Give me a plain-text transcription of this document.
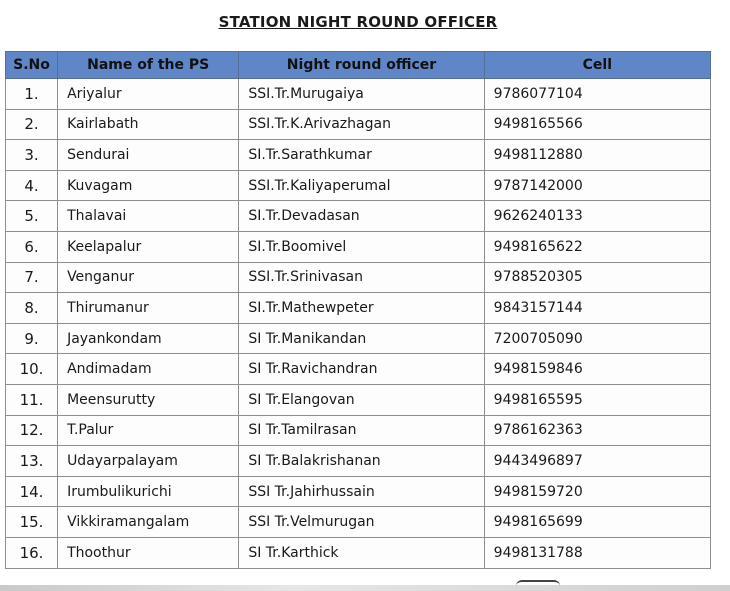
STATION NIGHT ROUND OFFICER
S.No	Name of the PS	Night round officer	Cell
1.	Ariyalur	SSI.Tr.Murugaiya	9786077104
2.	Kairlabath	SSI.Tr.K.Arivazhagan	9498165566
3.	Sendurai	SI.Tr.Sarathkumar	9498112880
4.	Kuvagam	SSI.Tr.Kaliyaperumal	9787142000
5.	Thalavai	SI.Tr.Devadasan	9626240133
6.	Keelapalur	SI.Tr.Boomivel	9498165622
7.	Venganur	SSI.Tr.Srinivasan	9788520305
8.	Thirumanur	SI.Tr.Mathewpeter	9843157144
9.	Jayankondam	SI Tr.Manikandan	7200705090
10.	Andimadam	SI Tr.Ravichandran	9498159846
11.	Meensurutty	SI Tr.Elangovan	9498165595
12.	T.Palur	SI Tr.Tamilrasan	9786162363
13.	Udayarpalayam	SI Tr.Balakrishanan	9443496897
14.	Irumbulikurichi	SSI Tr.Jahirhussain	9498159720
15.	Vikkiramangalam	SSI Tr.Velmurugan	9498165699
16.	Thoothur	SI Tr.Karthick	9498131788
